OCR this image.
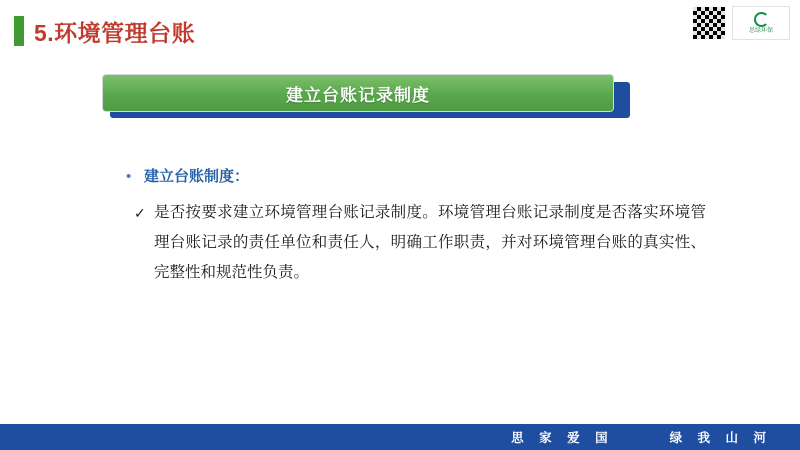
5.环境管理台账	思绿环保
建立台账记录制度
• 建立台账制度：
✓ 是否按要求建立环境管理台账记录制度。环境管理台账记录制度是否落实环境管理台账记录的责任单位和责任人，明确工作职责，并对环境管理台账的真实性、完整性和规范性负责。
思 家 爱 国	绿 我 山 河
